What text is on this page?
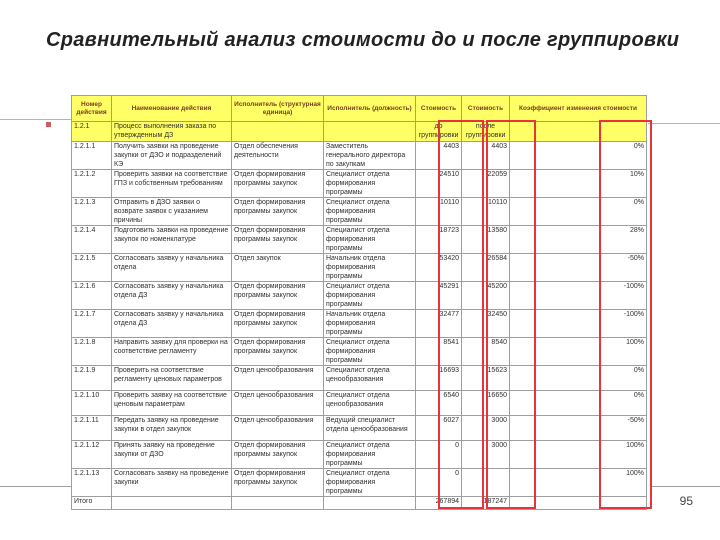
Сравнительный анализ стоимости до и после группировки
Номер действия	Наименование действия	Исполнитель (структурная единица)	Исполнитель (должность)	Стоимость	Стоимость	Коэффициент изменения стоимости
1.2.1	Процесс выполнения заказа по утвержденным ДЗ			до группировки	после группировки	
1.2.1.1	Получить заявки на проведение закупки от ДЗО и подразделений КЭ	Отдел обеспечения деятельности	Заместитель генерального директора по закупкам	4403	4403	0%
1.2.1.2	Проверить заявки на соответствие ГПЗ и собственным требованиям	Отдел формирования программы закупок	Специалист отдела формирования программы	24510	22059	10%
1.2.1.3	Отправить в ДЗО заявки о возврате заявок с указанием причины	Отдел формирования программы закупок	Специалист отдела формирования программы	10110	10110	0%
1.2.1.4	Подготовить заявки на проведение закупок по номенклатуре	Отдел формирования программы закупок	Специалист отдела формирования программы	18723	13580	28%
1.2.1.5	Согласовать заявку у начальника отдела	Отдел закупок	Начальник отдела формирования программы	53420	26584	-50%
1.2.1.6	Согласовать заявку у начальника отдела ДЗ	Отдел формирования программы закупок	Специалист отдела формирования программы	45291	45200	-100%
1.2.1.7	Согласовать заявку у начальника отдела ДЗ	Отдел формирования программы закупок	Начальник отдела формирования программы	32477	32450	-100%
1.2.1.8	Направить заявку для проверки на соответствие регламенту	Отдел формирования программы закупок	Специалист отдела формирования программы	8541	8540	100%
1.2.1.9	Проверить на соответствие регламенту ценовых параметров	Отдел ценообразования	Специалист отдела ценообразования	16693	15623	0%
1.2.1.10	Проверить заявку на соответствие ценовым параметрам	Отдел ценообразования	Специалист отдела ценообразования	6540	16650	0%
1.2.1.11	Передать заявку на проведение закупки в отдел закупок	Отдел ценообразования	Ведущий специалист отдела ценообразования	6027	3000	-50%
1.2.1.12	Принять заявку на проведение закупки от ДЗО	Отдел формирования программы закупок	Специалист отдела формирования программы	0	3000	100%
1.2.1.13	Согласовать заявку на проведение закупки	Отдел формирования программы закупок	Специалист отдела формирования программы	0		100%
Итого				267894	187247		95
